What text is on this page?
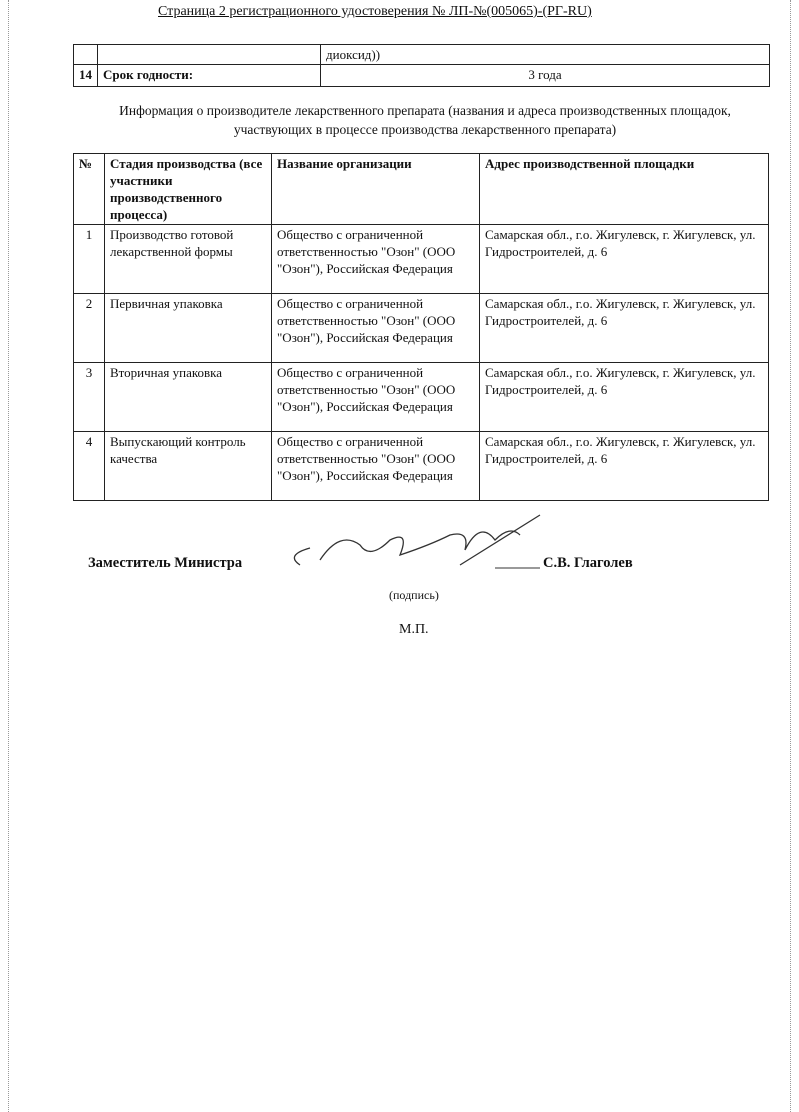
Страница 2 регистрационного удостоверения № ЛП-№(005065)-(РГ-RU)
		диоксид))
14	Срок годности:	3 года
Информация о производителе лекарственного препарата (названия и адреса производственных площадок, участвующих в процессе производства лекарственного препарата)
№	Стадия производства (все участники производственного процесса)	Название организации	Адрес производственной площадки
1	Производство готовой лекарственной формы	Общество с ограниченной ответственностью "Озон" (ООО "Озон"), Российская Федерация	Самарская обл., г.о. Жигулевск, г. Жигулевск, ул. Гидростроителей, д. 6
2	Первичная упаковка	Общество с ограниченной ответственностью "Озон" (ООО "Озон"), Российская Федерация	Самарская обл., г.о. Жигулевск, г. Жигулевск, ул. Гидростроителей, д. 6
3	Вторичная упаковка	Общество с ограниченной ответственностью "Озон" (ООО "Озон"), Российская Федерация	Самарская обл., г.о. Жигулевск, г. Жигулевск, ул. Гидростроителей, д. 6
4	Выпускающий контроль качества	Общество с ограниченной ответственностью "Озон" (ООО "Озон"), Российская Федерация	Самарская обл., г.о. Жигулевск, г. Жигулевск, ул. Гидростроителей, д. 6
Заместитель Министра	С.В. Глаголев
(подпись)
М.П.
